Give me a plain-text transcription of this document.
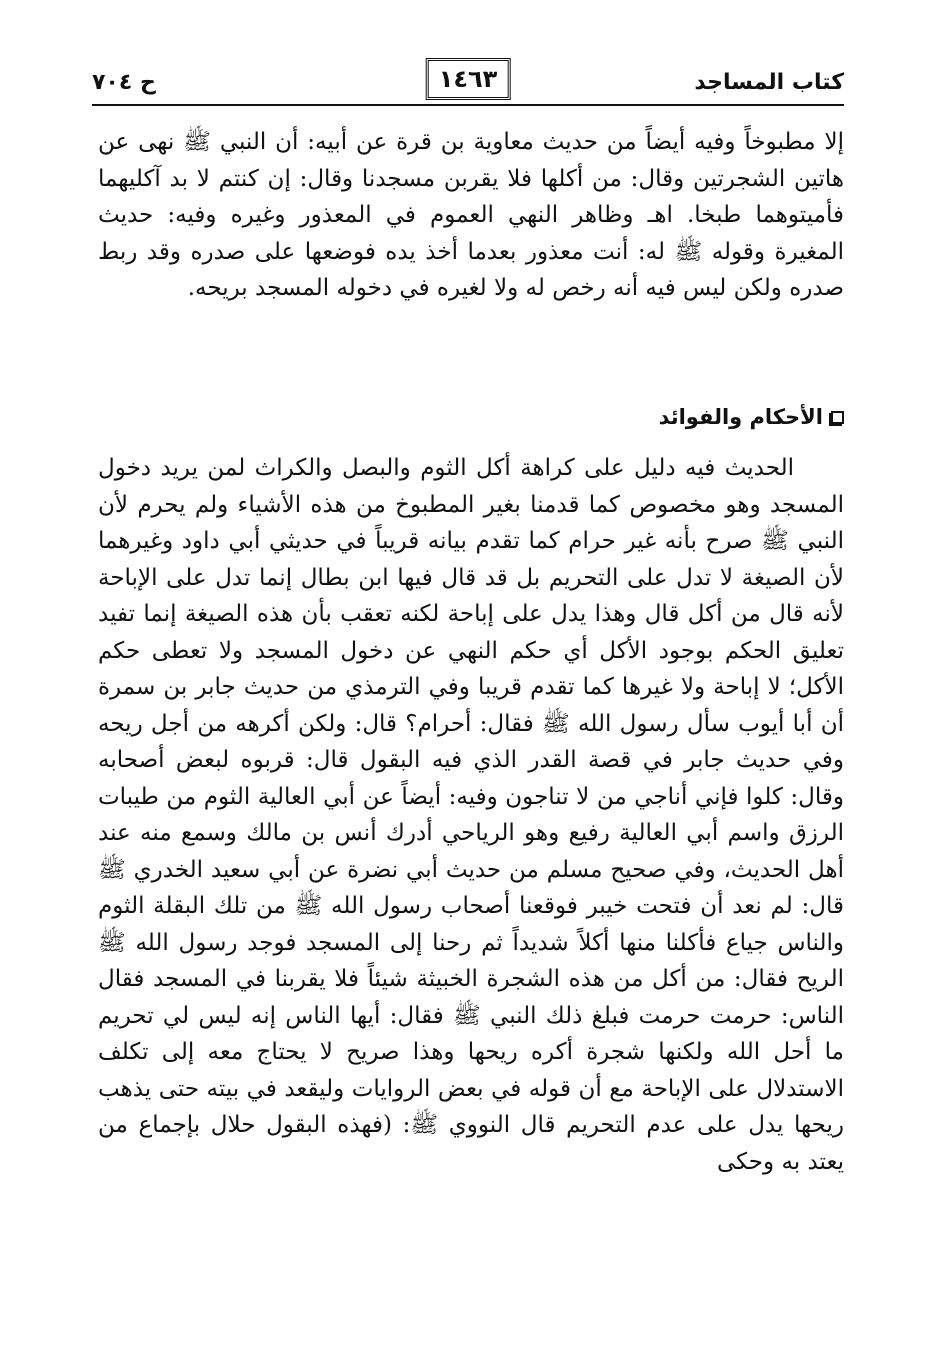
كتاب المساجد
١٤٦٣
ح ٧٠٤

إلا مطبوخاً وفيه أيضاً من حديث معاوية بن قرة عن أبيه: أن النبي ﷺ نهى عن هاتين الشجرتين وقال: من أكلها فلا يقربن مسجدنا وقال: إن كنتم لا بد آكليهما فأميتوهما طبخا. اهـ وظاهر النهي العموم في المعذور وغيره وفيه: حديث المغيرة وقوله ﷺ له: أنت معذور بعدما أخذ يده فوضعها على صدره وقد ربط صدره ولكن ليس فيه أنه رخص له ولا لغيره في دخوله المسجد بريحه.

الأحكام والفوائد

الحديث فيه دليل على كراهة أكل الثوم والبصل والكراث لمن يريد دخول المسجد وهو مخصوص كما قدمنا بغير المطبوخ من هذه الأشياء ولم يحرم لأن النبي ﷺ صرح بأنه غير حرام كما تقدم بيانه قريباً في حديثي أبي داود وغيرهما لأن الصيغة لا تدل على التحريم بل قد قال فيها ابن بطال إنما تدل على الإباحة لأنه قال من أكل قال وهذا يدل على إباحة لكنه تعقب بأن هذه الصيغة إنما تفيد تعليق الحكم بوجود الأكل أي حكم النهي عن دخول المسجد ولا تعطى حكم الأكل؛ لا إباحة ولا غيرها كما تقدم قريبا وفي الترمذي من حديث جابر بن سمرة أن أبا أيوب سأل رسول الله ﷺ فقال: أحرام؟ قال: ولكن أكرهه من أجل ريحه وفي حديث جابر في قصة القدر الذي فيه البقول قال: قربوه لبعض أصحابه وقال: كلوا فإني أناجي من لا تناجون وفيه: أيضاً عن أبي العالية الثوم من طيبات الرزق واسم أبي العالية رفيع وهو الرياحي أدرك أنس بن مالك وسمع منه عند أهل الحديث، وفي صحيح مسلم من حديث أبي نضرة عن أبي سعيد الخدري ﷺ قال: لم نعد أن فتحت خيبر فوقعنا أصحاب رسول الله ﷺ من تلك البقلة الثوم والناس جياع فأكلنا منها أكلاً شديداً ثم رحنا إلى المسجد فوجد رسول الله ﷺ الريح فقال: من أكل من هذه الشجرة الخبيثة شيئاً فلا يقربنا في المسجد فقال الناس: حرمت حرمت فبلغ ذلك النبي ﷺ فقال: أيها الناس إنه ليس لي تحريم ما أحل الله ولكنها شجرة أكره ريحها وهذا صريح لا يحتاج معه إلى تكلف الاستدلال على الإباحة مع أن قوله في بعض الروايات وليقعد في بيته حتى يذهب ريحها يدل على عدم التحريم قال النووي ﷺ: (فهذه البقول حلال بإجماع من يعتد به وحكى
